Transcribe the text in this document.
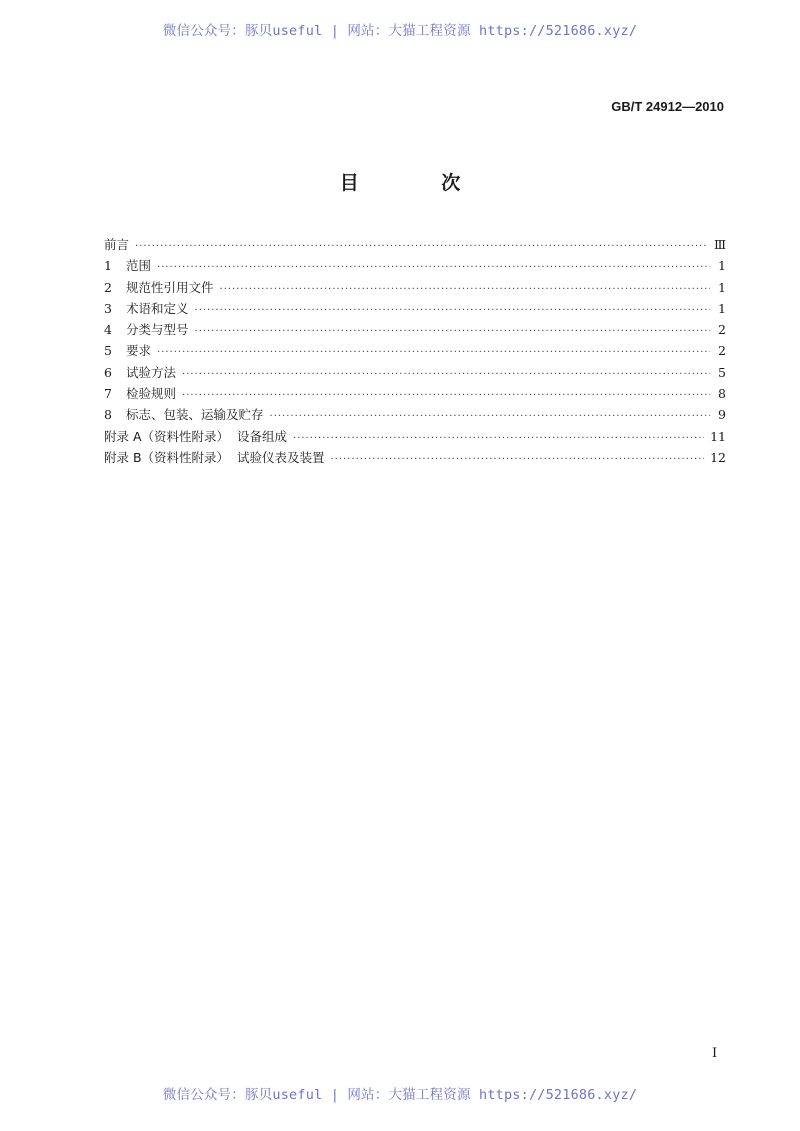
微信公众号：豚贝useful | 网站：大猫工程资源 https://521686.xyz/
GB/T 24912—2010
目 次
前言 ·····	Ⅲ
1	范围 ·····	1
2	规范性引用文件 ·····	1
3	术语和定义 ·····	1
4	分类与型号 ·····	2
5	要求 ·····	2
6	试验方法 ·····	5
7	检验规则 ·····	8
8	标志、包装、运输及贮存 ·····	9
附录 A（资料性附录）  设备组成 ·····	11
附录 B（资料性附录）  试验仪表及装置 ·····	12
Ⅰ
微信公众号：豚贝useful | 网站：大猫工程资源 https://521686.xyz/
